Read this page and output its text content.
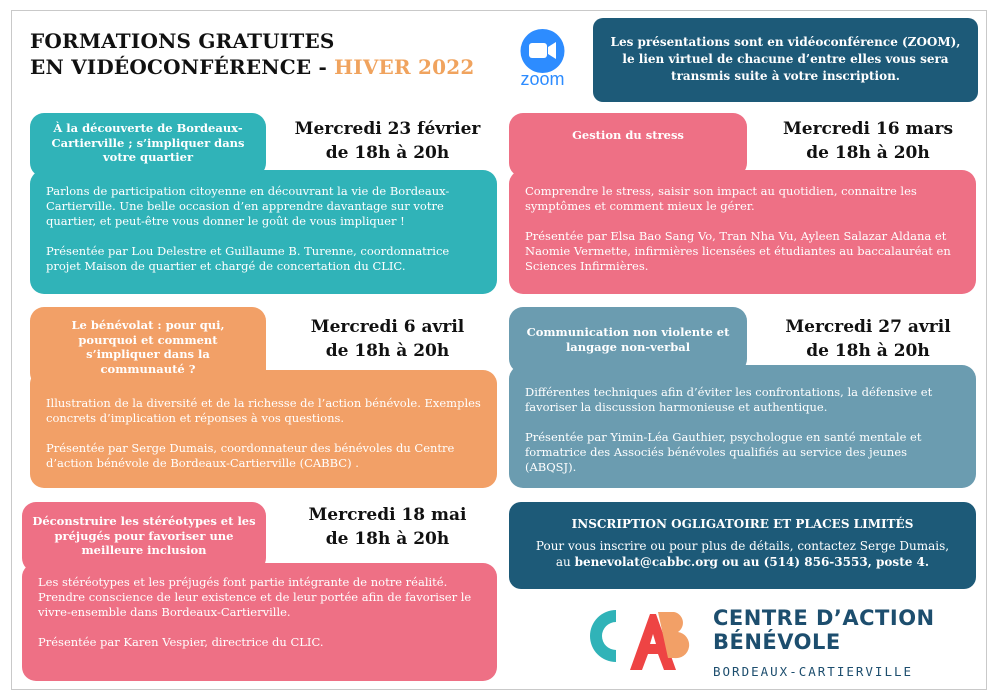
FORMATIONS GRATUITES
EN VIDÉOCONFÉRENCE - HIVER 2022	zoom
Les présentations sont en vidéoconférence (ZOOM), le lien virtuel de chacune d’entre elles vous sera transmis suite à votre inscription.

Parlons de participation citoyenne en découvrant la vie de Bordeaux-Cartierville. Une belle occasion d’en apprendre davantage sur votre quartier, et peut-être vous donner le goût de vous impliquer !

Présentée par Lou Delestre et Guillaume B. Turenne, coordonnatrice projet Maison de quartier et chargé de concertation du CLIC.

À la découverte de Bordeaux-Cartierville ; s’impliquer dans votre quartier
Mercredi 23 février
de 18h à 20h

Comprendre le stress, saisir son impact au quotidien, connaitre les symptômes et comment mieux le gérer.

Présentée par Elsa Bao Sang Vo, Tran Nha Vu, Ayleen Salazar Aldana et Naomie Vermette, infirmières licensées et étudiantes au baccalauréat en Sciences Infirmières.

Gestion du stress	Mercredi 16 mars
de 18h à 20h

Illustration de la diversité et de la richesse de l’action bénévole. Exemples concrets d’implication et réponses à vos questions.

Présentée par Serge Dumais, coordonnateur des bénévoles du Centre d’action bénévole de Bordeaux-Cartierville (CABBC) .

Le bénévolat : pour qui, pourquoi et comment s’impliquer dans la communauté ?
Mercredi 6 avril
de 18h à 20h

Différentes techniques afin d’éviter les confrontations, la défensive et favoriser la discussion harmonieuse et authentique.

Présentée par Yimin-Léa Gauthier, psychologue en santé mentale et formatrice des Associés bénévoles qualifiés au service des jeunes (ABQSJ).

Communication non violente et langage non-verbal
Mercredi 27 avril
de 18h à 20h

Les stéréotypes et les préjugés font partie intégrante de notre réalité. Prendre conscience de leur existence et de leur portée afin de favoriser le vivre-ensemble dans Bordeaux-Cartierville.

Présentée par Karen Vespier, directrice du CLIC.

Déconstruire les stéréotypes et les préjugés pour favoriser une meilleure inclusion
Mercredi 18 mai
de 18h à 20h
INSCRIPTION OGLIGATOIRE ET PLACES LIMITÉS
Pour vous inscrire ou pour plus de détails, contactez Serge Dumais,
au benevolat@cabbc.org ou au (514) 856-3553, poste 4.
CENTRE D’ACTION
BÉNÉVOLE
BORDEAUX-CARTIERVILLE
